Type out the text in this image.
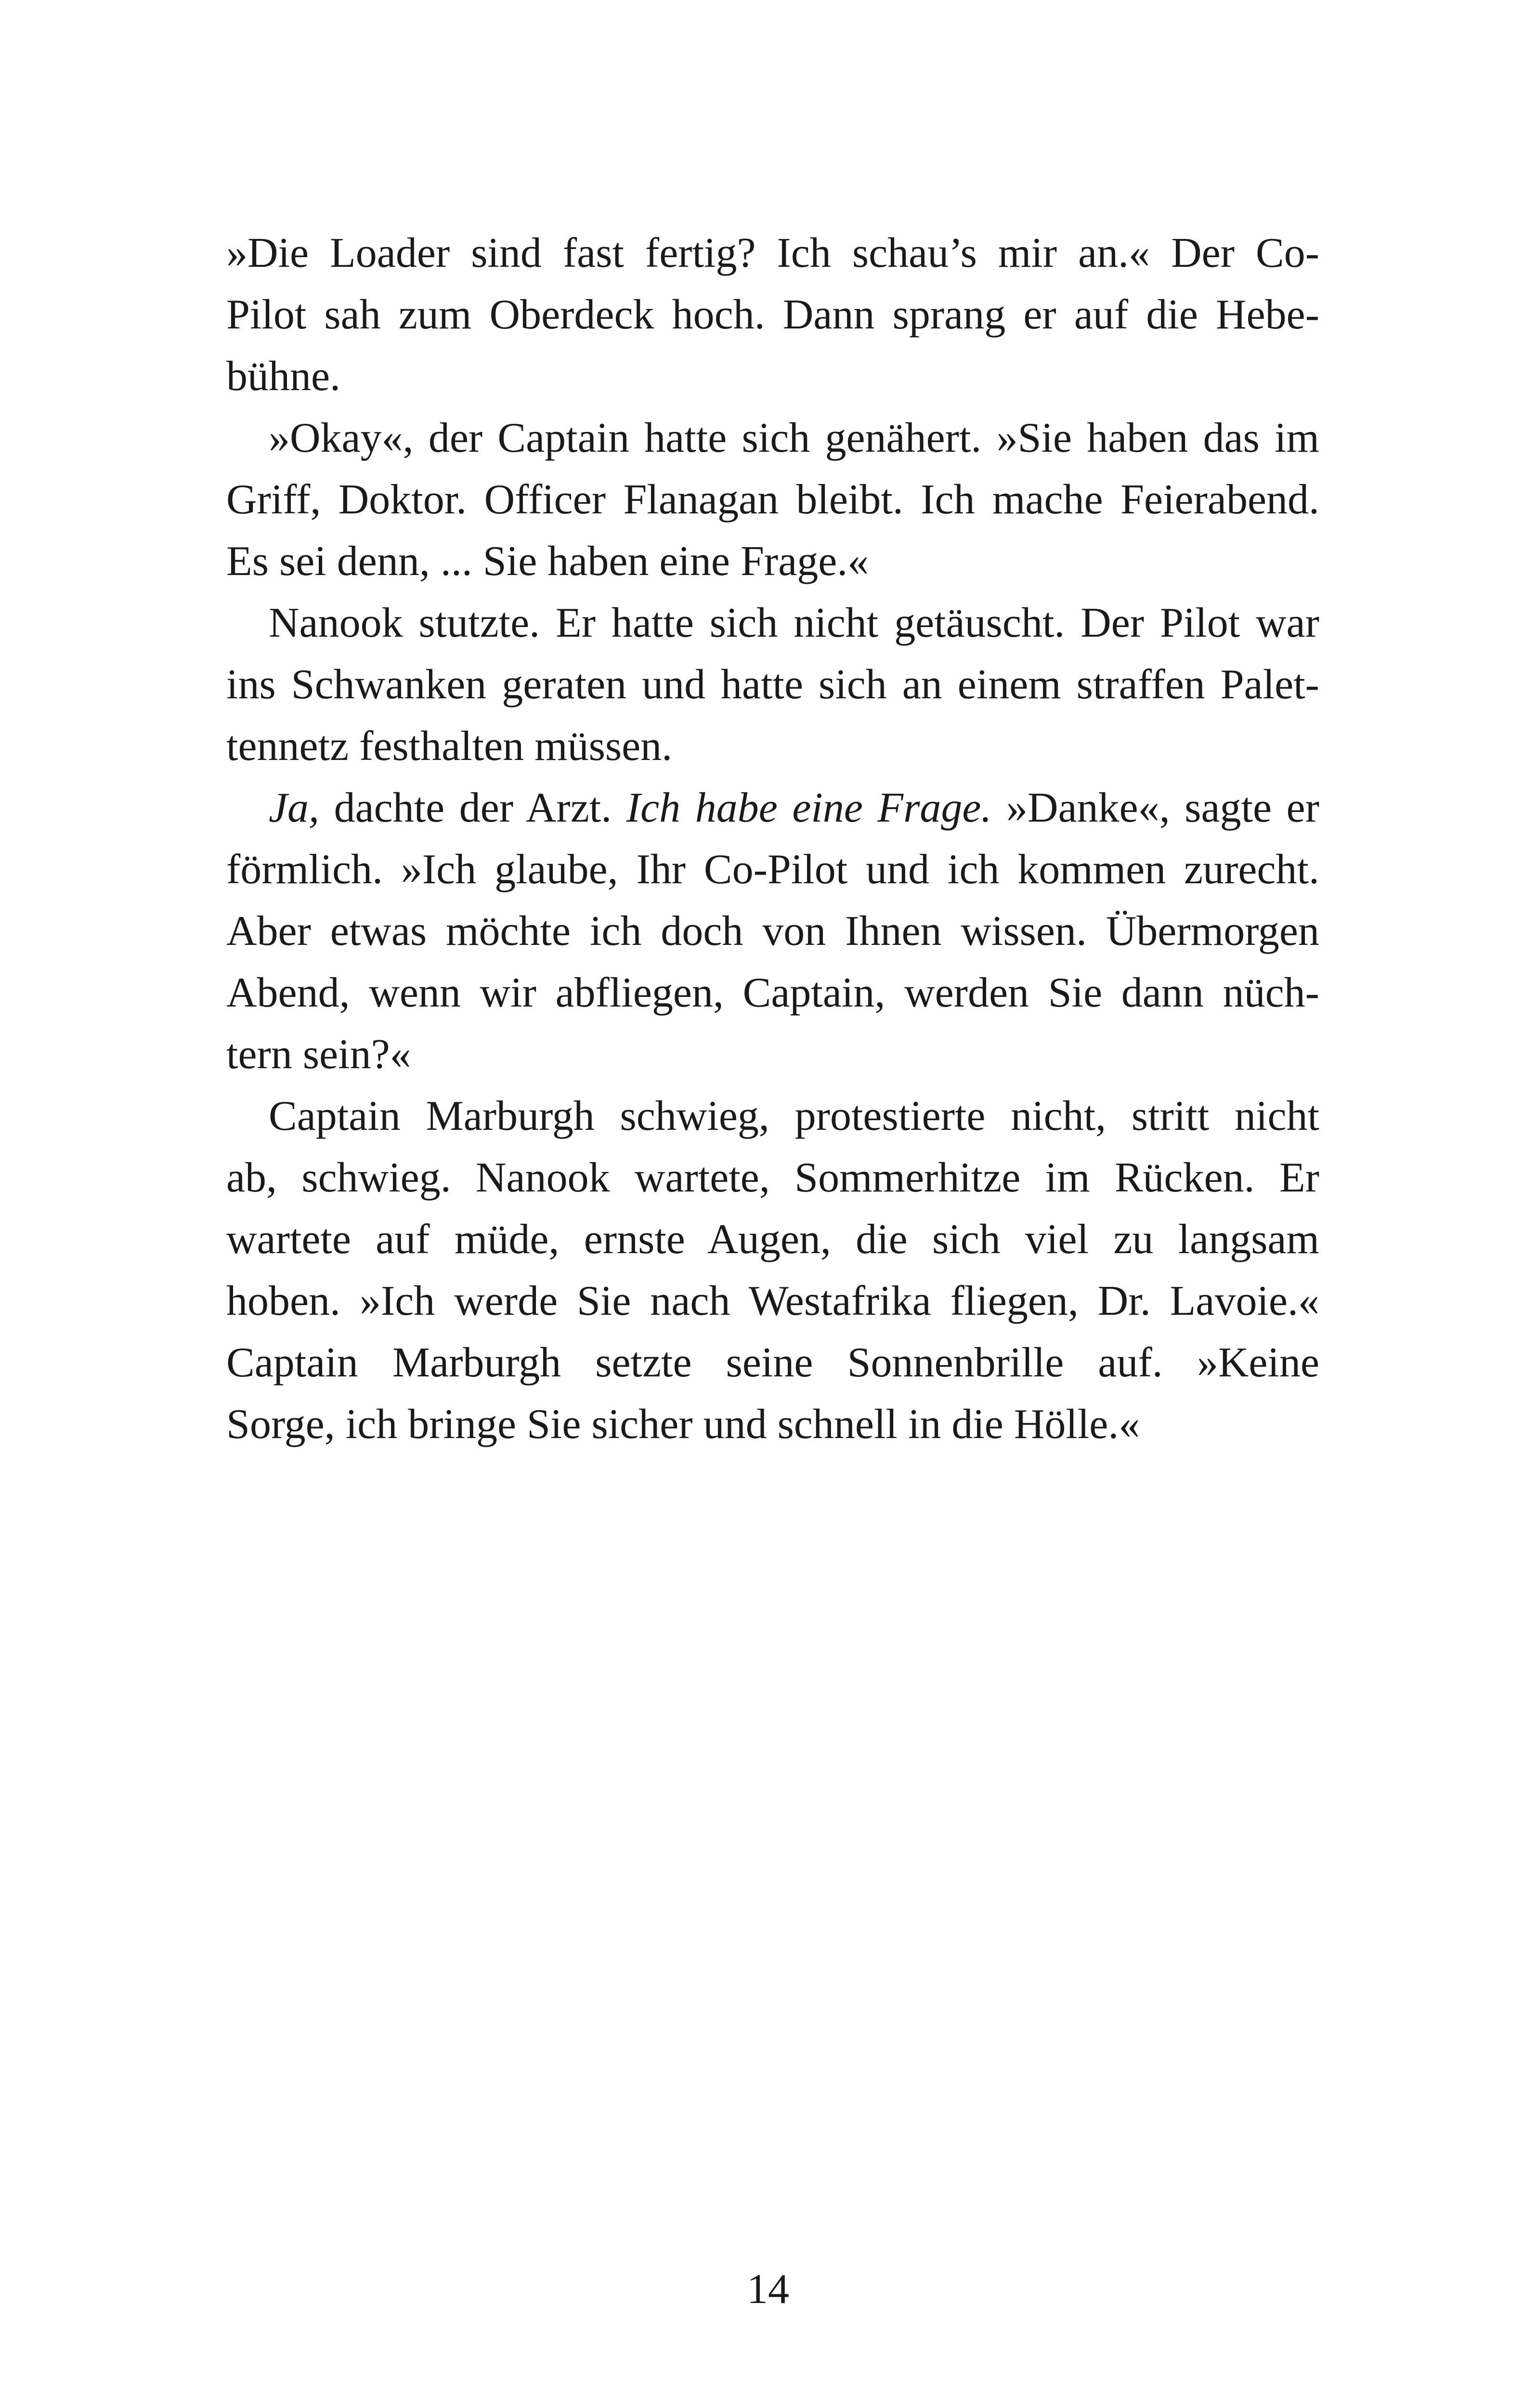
»Die Loader sind fast fertig? Ich schau’s mir an.« Der Co-
Pilot sah zum Oberdeck hoch. Dann sprang er auf die Hebe-
bühne.
»Okay«, der Captain hatte sich genähert. »Sie haben das im
Griff, Doktor. Officer Flanagan bleibt. Ich mache Feierabend.
Es sei denn, ... Sie haben eine Frage.«
Nanook stutzte. Er hatte sich nicht getäuscht. Der Pilot war
ins Schwanken geraten und hatte sich an einem straffen Palet-
tennetz festhalten müssen.
Ja, dachte der Arzt. Ich habe eine Frage. »Danke«, sagte er
förmlich. »Ich glaube, Ihr Co-Pilot und ich kommen zurecht.
Aber etwas möchte ich doch von Ihnen wissen. Übermorgen
Abend, wenn wir abfliegen, Captain, werden Sie dann nüch-
tern sein?«
Captain Marburgh schwieg, protestierte nicht, stritt nicht
ab, schwieg. Nanook wartete, Sommerhitze im Rücken. Er
wartete auf müde, ernste Augen, die sich viel zu langsam
hoben. »Ich werde Sie nach Westafrika fliegen, Dr. Lavoie.«
Captain Marburgh setzte seine Sonnenbrille auf. »Keine
Sorge, ich bringe Sie sicher und schnell in die Hölle.«
14
